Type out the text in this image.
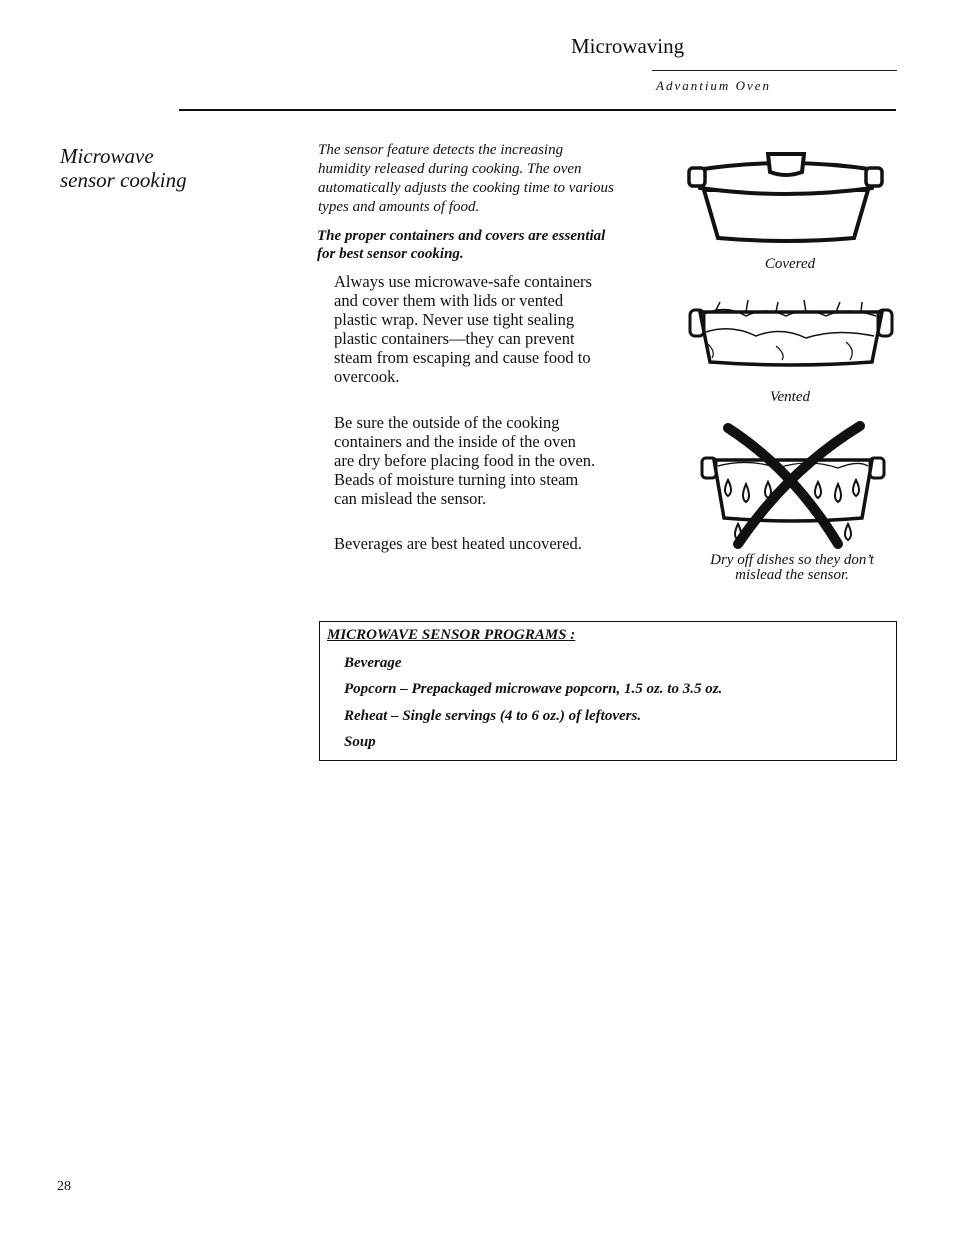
Microwaving
Advantium Oven
Microwave sensor cooking

The sensor feature detects the increasing humidity released during cooking. The oven automatically adjusts the cooking time to various types and amounts of food.

The proper containers and covers are essential for best sensor cooking.

Always use microwave-safe containers and cover them with lids or vented plastic wrap. Never use tight sealing plastic containers—they can prevent steam from escaping and cause food to overcook.

Be sure the outside of the cooking containers and the inside of the oven are dry before placing food in the oven. Beads of moisture turning into steam can mislead the sensor.

Beverages are best heated uncovered.

Covered
Vented
Dry off dishes so they don’t mislead the sensor.
MICROWAVE SENSOR PROGRAMS :
Beverage
Popcorn – Prepackaged microwave popcorn, 1.5 oz. to 3.5 oz.
Reheat – Single servings (4 to 6 oz.) of leftovers.
Soup
28
